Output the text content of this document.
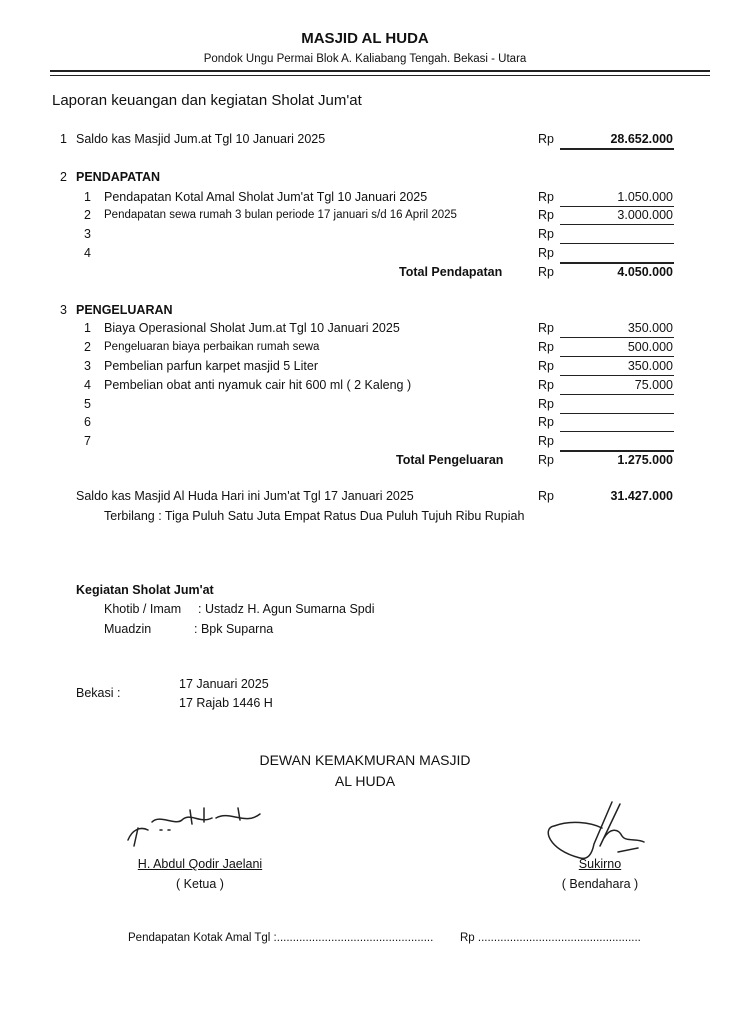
MASJID AL HUDA
Pondok Ungu Permai Blok A. Kaliabang Tengah. Bekasi - Utara
Laporan keuangan dan kegiatan Sholat Jum'at
1 Saldo kas Masjid Jum.at Tgl 10 Januari 2025	Rp	28.652.000
2 PENDAPATAN
1 Pendapatan Kotal Amal Sholat Jum'at Tgl 10 Januari 2025	Rp	1.050.000
2 Pendapatan sewa rumah 3 bulan periode 17 januari s/d 16 April 2025	Rp	3.000.000
3	Rp
4	Rp
Total Pendapatan	Rp	4.050.000
3 PENGELUARAN
1 Biaya Operasional Sholat Jum.at Tgl 10 Januari 2025	Rp	350.000
2 Pengeluaran biaya perbaikan rumah sewa	Rp	500.000
3 Pembelian parfun karpet masjid 5 Liter	Rp	350.000
4 Pembelian obat anti nyamuk cair hit 600 ml ( 2 Kaleng )	Rp	75.000
5	Rp
6	Rp
7	Rp
Total Pengeluaran	Rp	1.275.000
Saldo kas Masjid Al Huda Hari ini Jum'at Tgl 17 Januari 2025	Rp	31.427.000
Terbilang : Tiga Puluh Satu Juta Empat Ratus Dua Puluh Tujuh Ribu Rupiah
Kegiatan Sholat Jum'at
Khotib / Imam : Ustadz H. Agun Sumarna Spdi
Muadzin	: Bpk Suparna
Bekasi :
17 Januari 2025
17 Rajab 1446 H
DEWAN KEMAKMURAN MASJID
AL HUDA
H. Abdul Qodir Jaelani
( Ketua )
Sukirno
( Bendahara )
Pendapatan Kotak Amal Tgl :................................................. Rp ...................................................
